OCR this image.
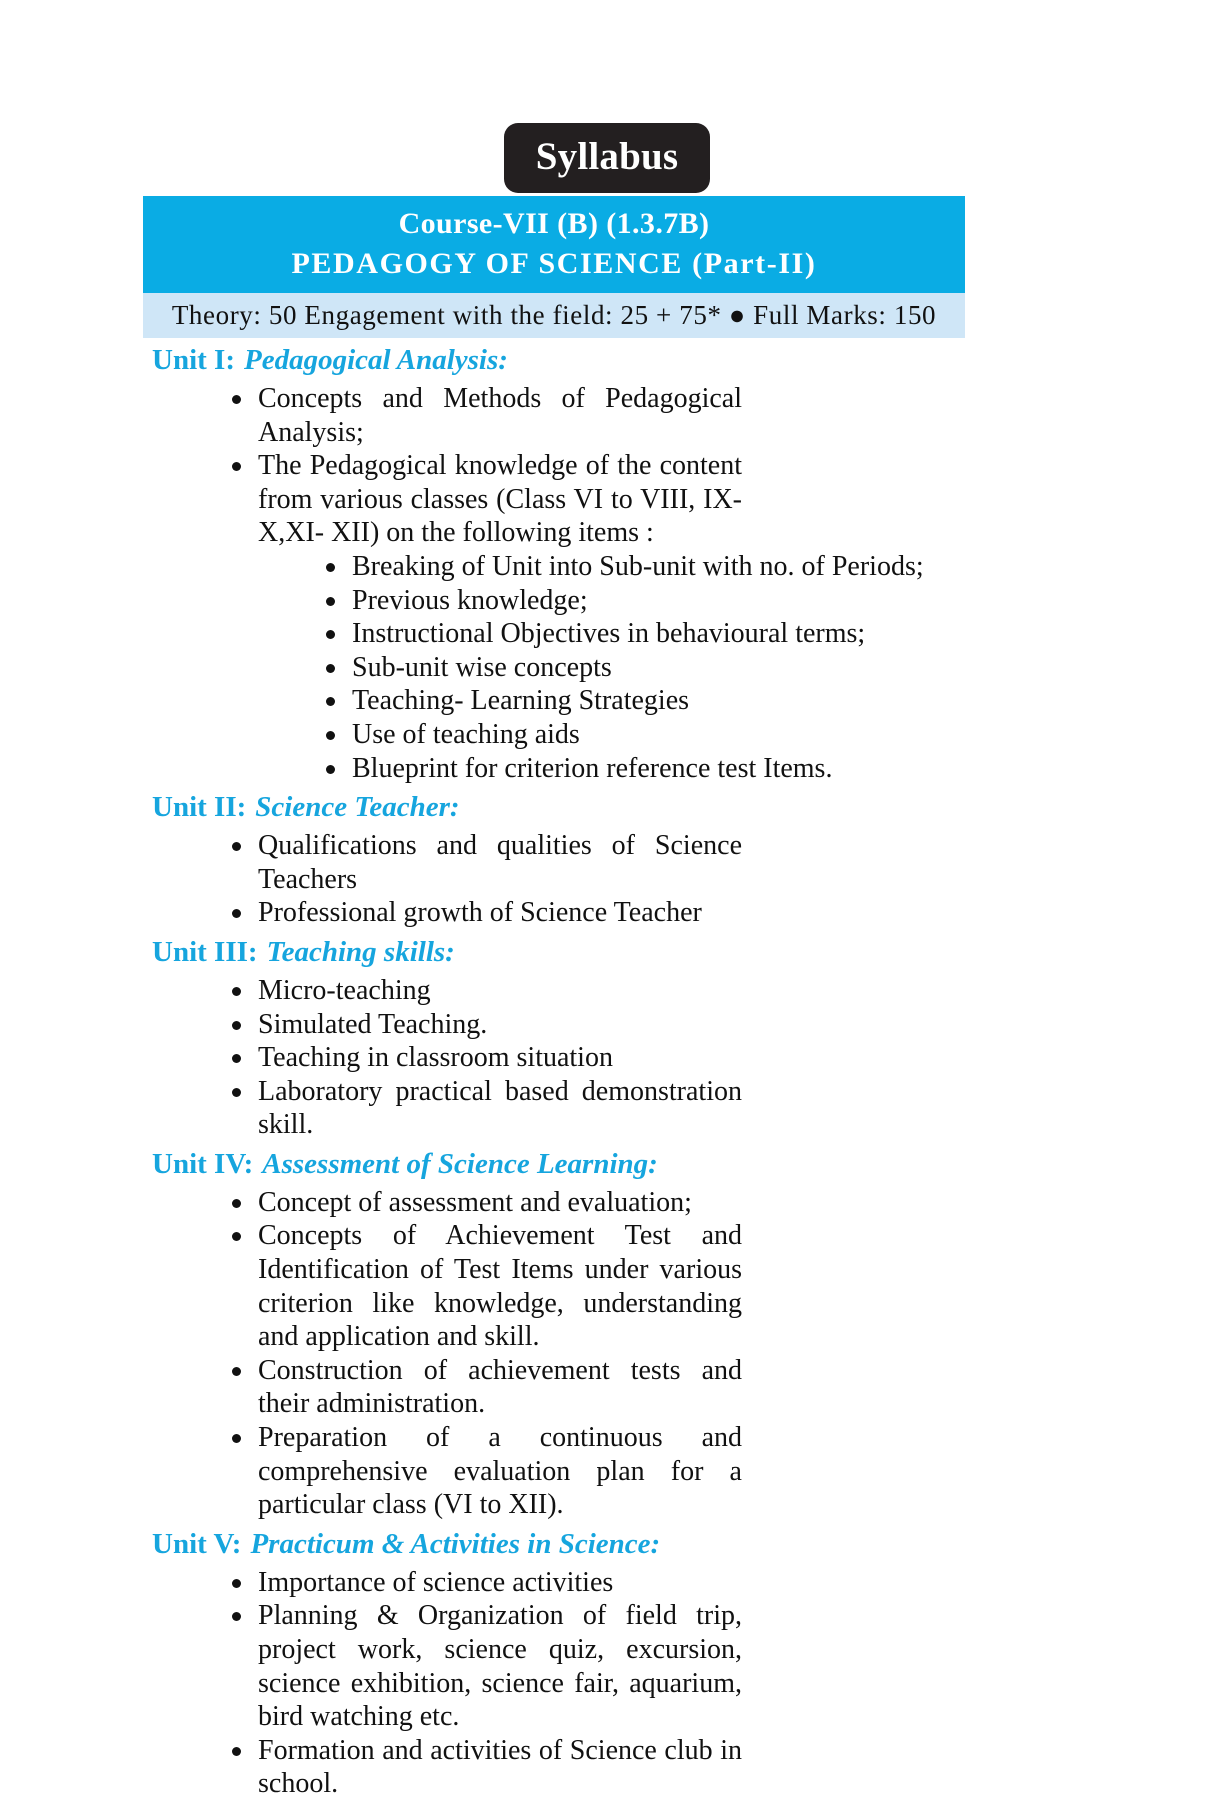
Syllabus
Course-VII (B) (1.3.7B)
PEDAGOGY OF SCIENCE (Part-II)
Theory: 50 Engagement with the field: 25 + 75* ● Full Marks: 150
Unit I: Pedagogical Analysis:
Concepts and Methods of Pedagogical Analysis;
The Pedagogical knowledge of the content from various classes (Class VI to VIII, IX-X,XI- XII) on the following items :
Breaking of Unit into Sub-unit with no. of Periods;
Previous knowledge;
Instructional Objectives in behavioural terms;
Sub-unit wise concepts
Teaching- Learning Strategies
Use of teaching aids
Blueprint for criterion reference test Items.
Unit II: Science Teacher:
Qualifications and qualities of Science Teachers
Professional growth of Science Teacher
Unit III: Teaching skills:
Micro-teaching
Simulated Teaching.
Teaching in classroom situation
Laboratory practical based demonstration skill.
Unit IV: Assessment of Science Learning:
Concept of assessment and evaluation;
Concepts of Achievement Test and Identification of Test Items under various criterion like knowledge, understanding and application and skill.
Construction of achievement tests and their administration.
Preparation of a continuous and comprehensive evaluation plan for a particular class (VI to XII).
Unit V: Practicum & Activities in Science:
Importance of science activities
Planning & Organization of field trip, project work, science quiz, excursion, science exhibition, science fair, aquarium, bird watching etc.
Formation and activities of Science club in school.
